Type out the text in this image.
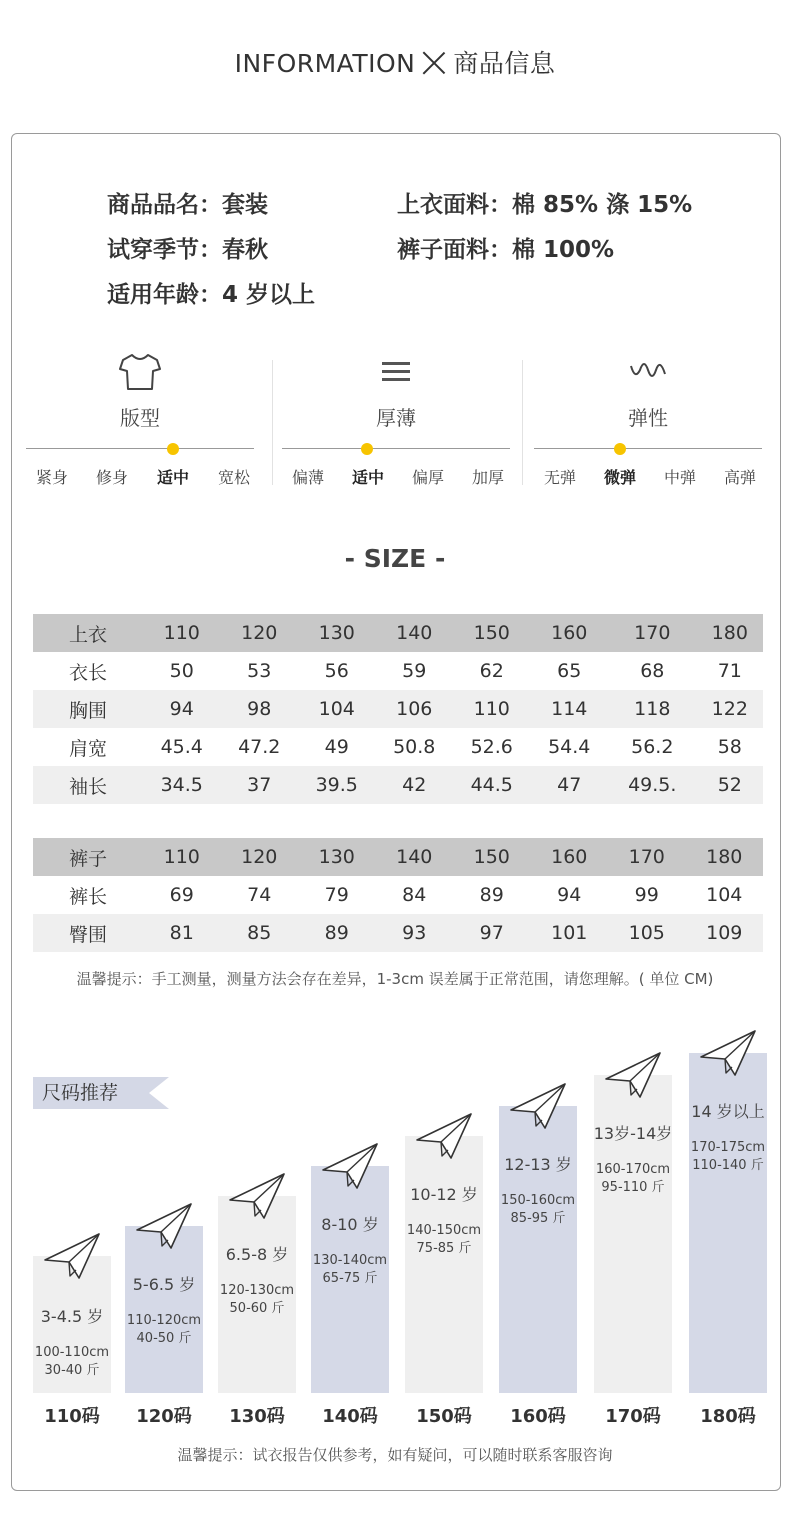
INFORMATION 商品信息
商品品名：套装	上衣面料：棉 85% 涤 15%
试穿季节：春秋	裤子面料：棉 100%
适用年龄：4 岁以上
版型
紧身	修身	适中	宽松
厚薄
偏薄	适中	偏厚	加厚
弹性
无弹	微弹	中弹	高弹
- SIZE -
上衣	110	120	130	140	150	160	170	180
衣长	50	53	56	59	62	65	68	71
胸围	94	98	104	106	110	114	118	122
肩宽	45.4	47.2	49	50.8	52.6	54.4	56.2	58
袖长	34.5	37	39.5	42	44.5	47	49.5.	52
裤子	110	120	130	140	150	160	170	180
裤长	69	74	79	84	89	94	99	104
臀围	81	85	89	93	97	101	105	109
温馨提示：手工测量，测量方法会存在差异，1-3cm 误差属于正常范围，请您理解。( 单位 CM)
尺码推荐
3-4.5 岁
100-110cm
30-40 斤
110码
5-6.5 岁
110-120cm
40-50 斤
120码
6.5-8 岁
120-130cm
50-60 斤
130码
8-10 岁
130-140cm
65-75 斤
140码
10-12 岁
140-150cm
75-85 斤
150码
12-13 岁
150-160cm
85-95 斤
160码
13岁-14岁
160-170cm
95-110 斤
170码
14 岁以上
170-175cm
110-140 斤
180码
温馨提示：试衣报告仅供参考，如有疑问，可以随时联系客服咨询
